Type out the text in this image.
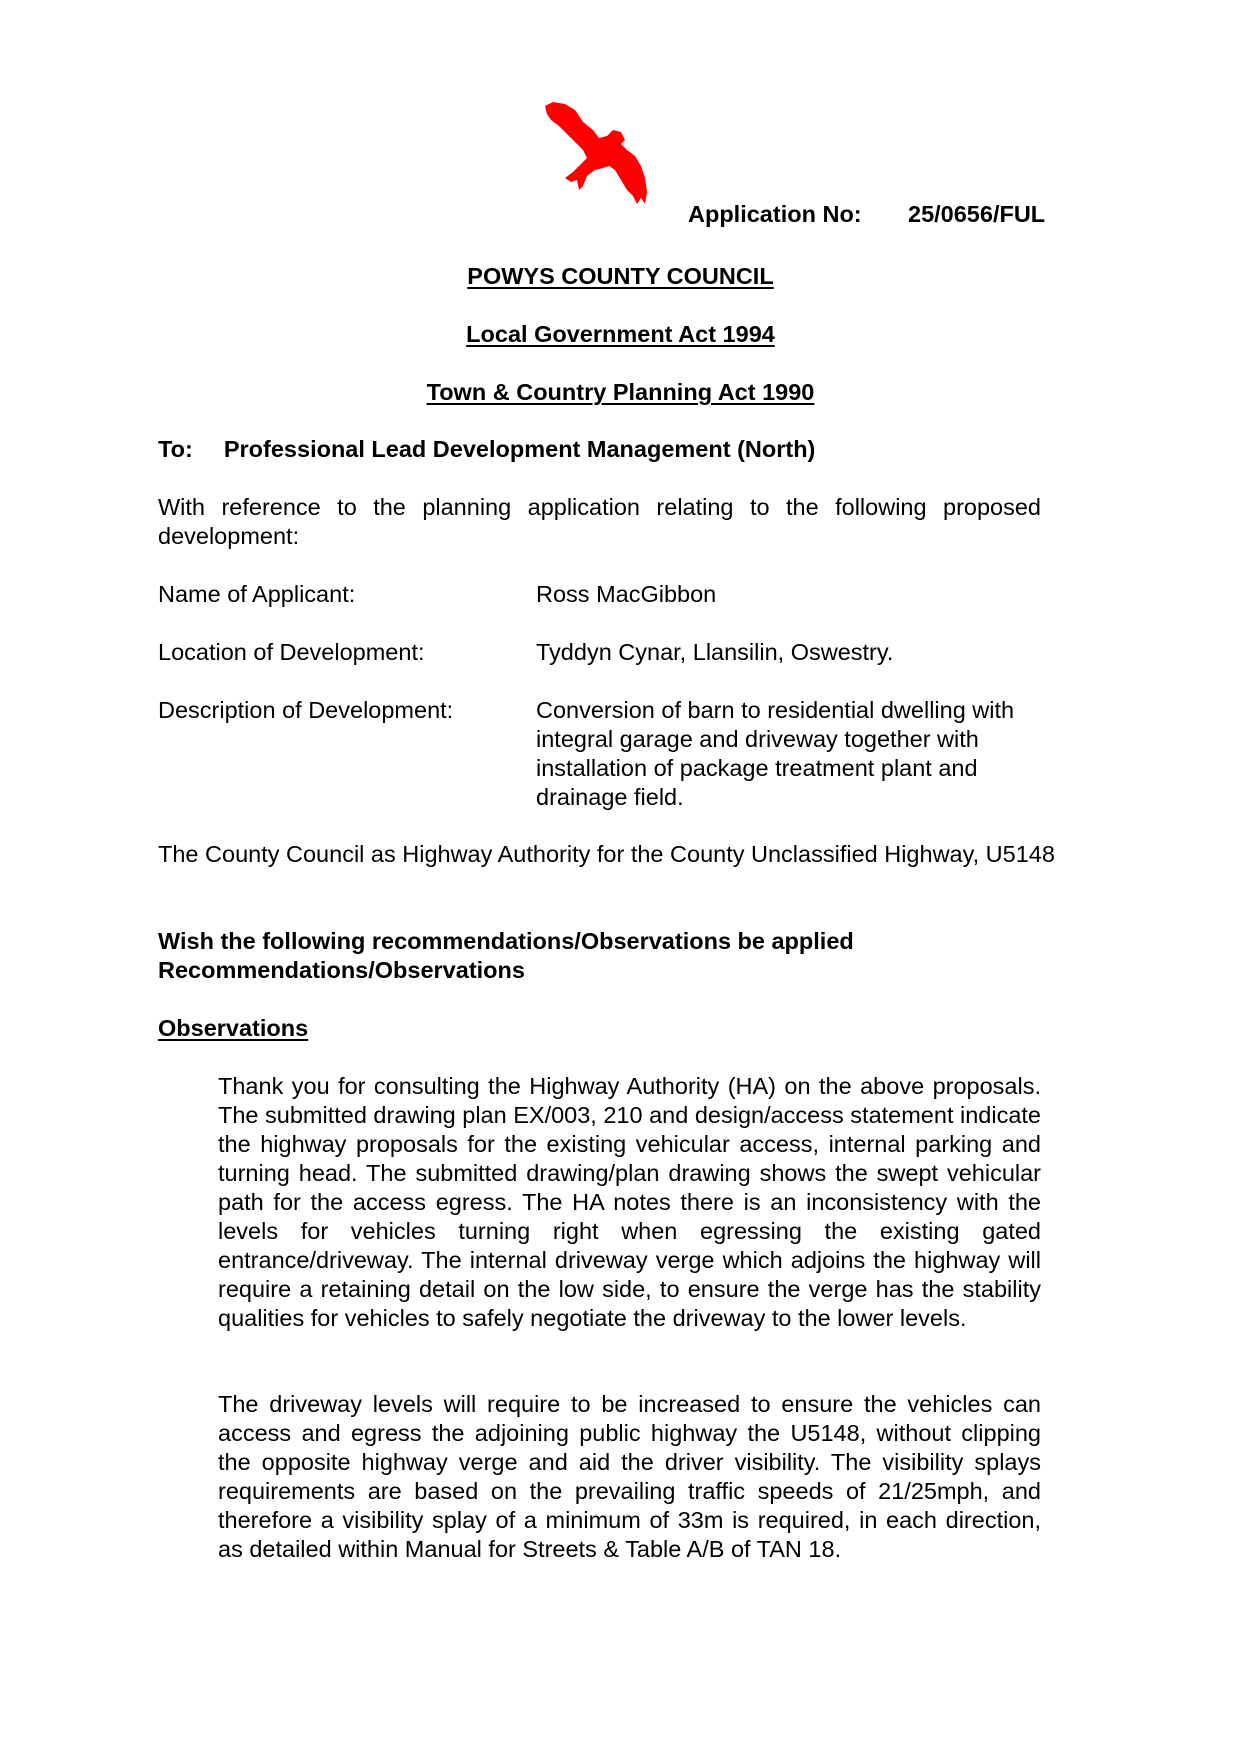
Application No: 25/0656/FUL
POWYS COUNTY COUNCIL
Local Government Act 1994
Town & Country Planning Act 1990
To: Professional Lead Development Management (North)
With reference to the planning application relating to the following proposed development:
Name of Applicant:	Ross MacGibbon
Location of Development:	Tyddyn Cynar, Llansilin, Oswestry.
Description of Development:	Conversion of barn to residential dwelling with integral garage and driveway together with installation of package treatment plant and drainage field.
The County Council as Highway Authority for the County Unclassified Highway, U5148
Wish the following recommendations/Observations be applied
Recommendations/Observations
Observations
Thank you for consulting the Highway Authority (HA) on the above proposals. The submitted drawing plan EX/003, 210 and design/access statement indicate the highway proposals for the existing vehicular access, internal parking and turning head. The submitted drawing/plan drawing shows the swept vehicular path for the access egress. The HA notes there is an inconsistency with the levels for vehicles turning right when egressing the existing gated entrance/driveway. The internal driveway verge which adjoins the highway will require a retaining detail on the low side, to ensure the verge has the stability qualities for vehicles to safely negotiate the driveway to the lower levels.
The driveway levels will require to be increased to ensure the vehicles can access and egress the adjoining public highway the U5148, without clipping the opposite highway verge and aid the driver visibility. The visibility splays requirements are based on the prevailing traffic speeds of 21/25mph, and therefore a visibility splay of a minimum of 33m is required, in each direction, as detailed within Manual for Streets & Table A/B of TAN 18.
